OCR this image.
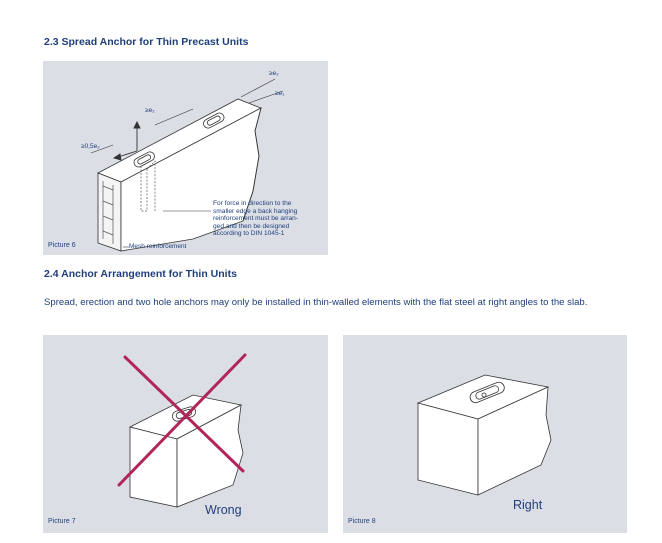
2.3 Spread Anchor for Thin Precast Units
≥e₂
≥e₁
≥e₂
≥0,5e₂
For force in direction to the
smaller edge a back hanging
reinforcement must be arran-
ged and then be designed
according to DIN 1045-1
Picture 6	Mesh reinforcement
2.4 Anchor Arrangement for Thin Units
Spread, erection and two hole anchors may only be installed in thin-walled elements with the flat steel at right angles to the slab.
Wrong
Picture 7
Right
Picture 8
